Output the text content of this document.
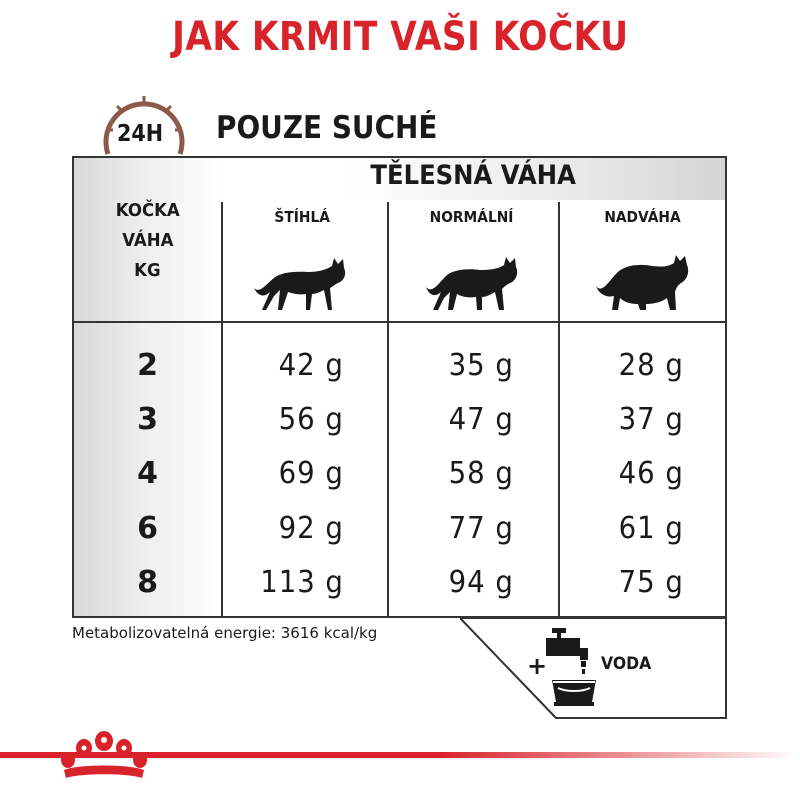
JAK KRMIT VAŠI KOČKU
24H POUZE SUCHÉ
TĚLESNÁ VÁHA
KOČKA
VÁHA
KG
ŠTÍHLÁ	NORMÁLNÍ	NADVÁHA
2	42 g	35 g	28 g
3	56 g	47 g	37 g
4	69 g	58 g	46 g
6	92 g	77 g	61 g
8	113 g	94 g	75 g
Metabolizovatelná energie: 3616 kcal/kg
+	VODA
